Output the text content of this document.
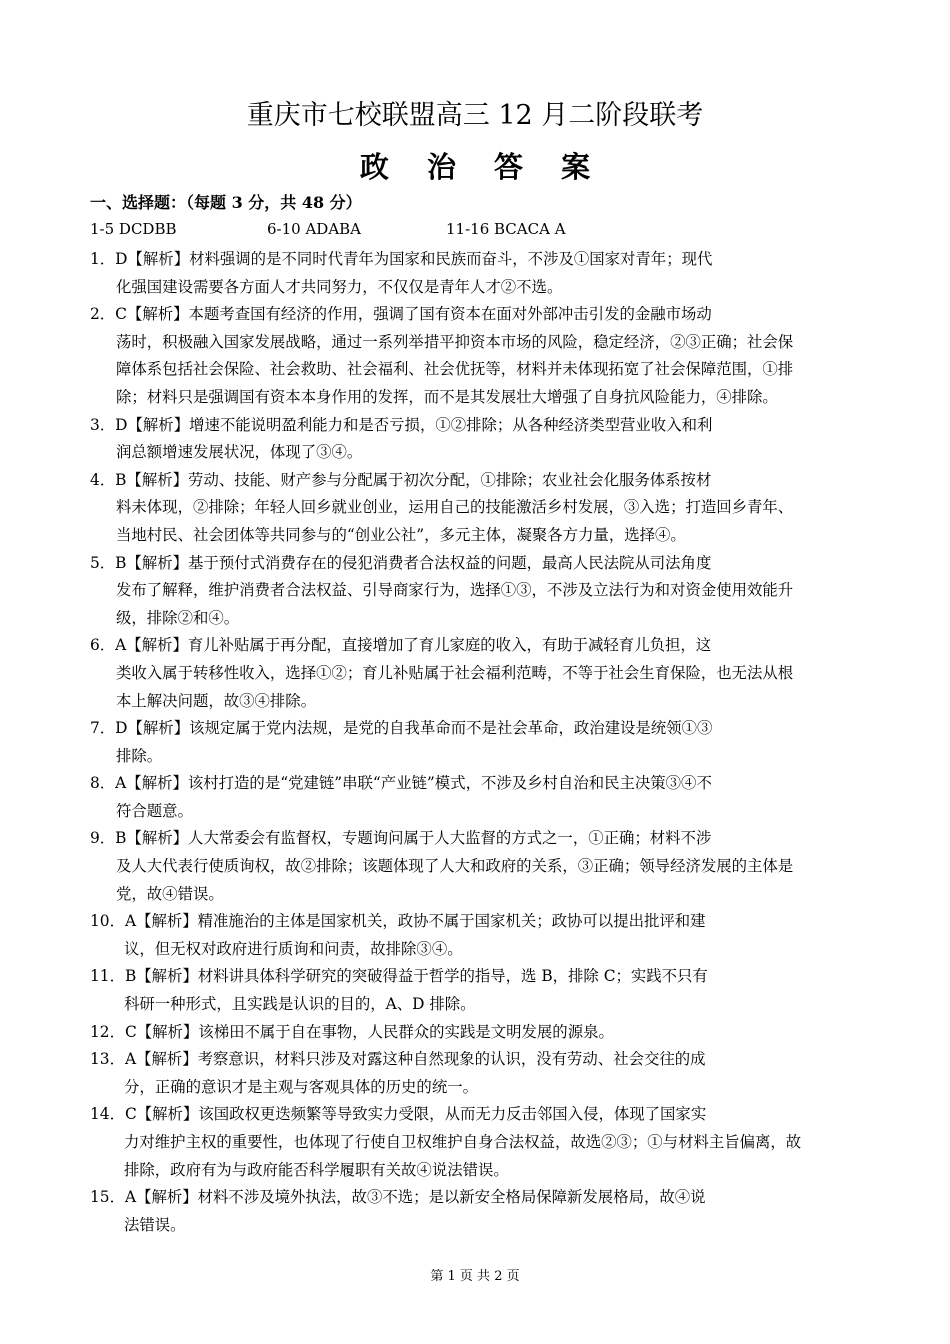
重庆市七校联盟高三 12 月二阶段联考
政 治 答 案
一、选择题：（每题 3 分，共 48 分）
1-5 DCDBB	6-10 ADABA	11-16 BCACA A
1．D【解析】材料强调的是不同时代青年为国家和民族而奋斗，不涉及①国家对青年；现代
化强国建设需要各方面人才共同努力，不仅仅是青年人才②不选。
2．C【解析】本题考查国有经济的作用，强调了国有资本在面对外部冲击引发的金融市场动
荡时，积极融入国家发展战略，通过一系列举措平抑资本市场的风险，稳定经济，②③正确；社会保
障体系包括社会保险、社会救助、社会福利、社会优抚等，材料并未体现拓宽了社会保障范围，①排
除；材料只是强调国有资本本身作用的发挥，而不是其发展壮大增强了自身抗风险能力，④排除。
3．D【解析】增速不能说明盈利能力和是否亏损，①②排除；从各种经济类型营业收入和利
润总额增速发展状况，体现了③④。
4．B【解析】劳动、技能、财产参与分配属于初次分配，①排除；农业社会化服务体系按材
料未体现，②排除；年轻人回乡就业创业，运用自己的技能激活乡村发展，③入选；打造回乡青年、
当地村民、社会团体等共同参与的“创业公社”，多元主体，凝聚各方力量，选择④。
5．B【解析】基于预付式消费存在的侵犯消费者合法权益的问题，最高人民法院从司法角度
发布了解释，维护消费者合法权益、引导商家行为，选择①③，不涉及立法行为和对资金使用效能升
级，排除②和④。
6．A【解析】育儿补贴属于再分配，直接增加了育儿家庭的收入，有助于减轻育儿负担，这
类收入属于转移性收入，选择①②；育儿补贴属于社会福利范畴，不等于社会生育保险，也无法从根
本上解决问题，故③④排除。
7．D【解析】该规定属于党内法规，是党的自我革命而不是社会革命，政治建设是统领①③
排除。
8．A【解析】该村打造的是“党建链”串联“产业链”模式，不涉及乡村自治和民主决策③④不
符合题意。
9．B【解析】人大常委会有监督权，专题询问属于人大监督的方式之一，①正确；材料不涉
及人大代表行使质询权，故②排除；该题体现了人大和政府的关系，③正确；领导经济发展的主体是
党，故④错误。
10．A【解析】精准施治的主体是国家机关，政协不属于国家机关；政协可以提出批评和建
议，但无权对政府进行质询和问责，故排除③④。
11．B【解析】材料讲具体科学研究的突破得益于哲学的指导，选 B，排除 C；实践不只有
科研一种形式，且实践是认识的目的，A、D 排除。
12．C【解析】该梯田不属于自在事物，人民群众的实践是文明发展的源泉。
13．A【解析】考察意识，材料只涉及对露这种自然现象的认识，没有劳动、社会交往的成
分，正确的意识才是主观与客观具体的历史的统一。
14．C【解析】该国政权更迭频繁等导致实力受限，从而无力反击邻国入侵，体现了国家实
力对维护主权的重要性，也体现了行使自卫权维护自身合法权益，故选②③；①与材料主旨偏离，故
排除，政府有为与政府能否科学履职有关故④说法错误。
15．A【解析】材料不涉及境外执法，故③不选；是以新安全格局保障新发展格局，故④说
法错误。
第 1 页 共 2 页
